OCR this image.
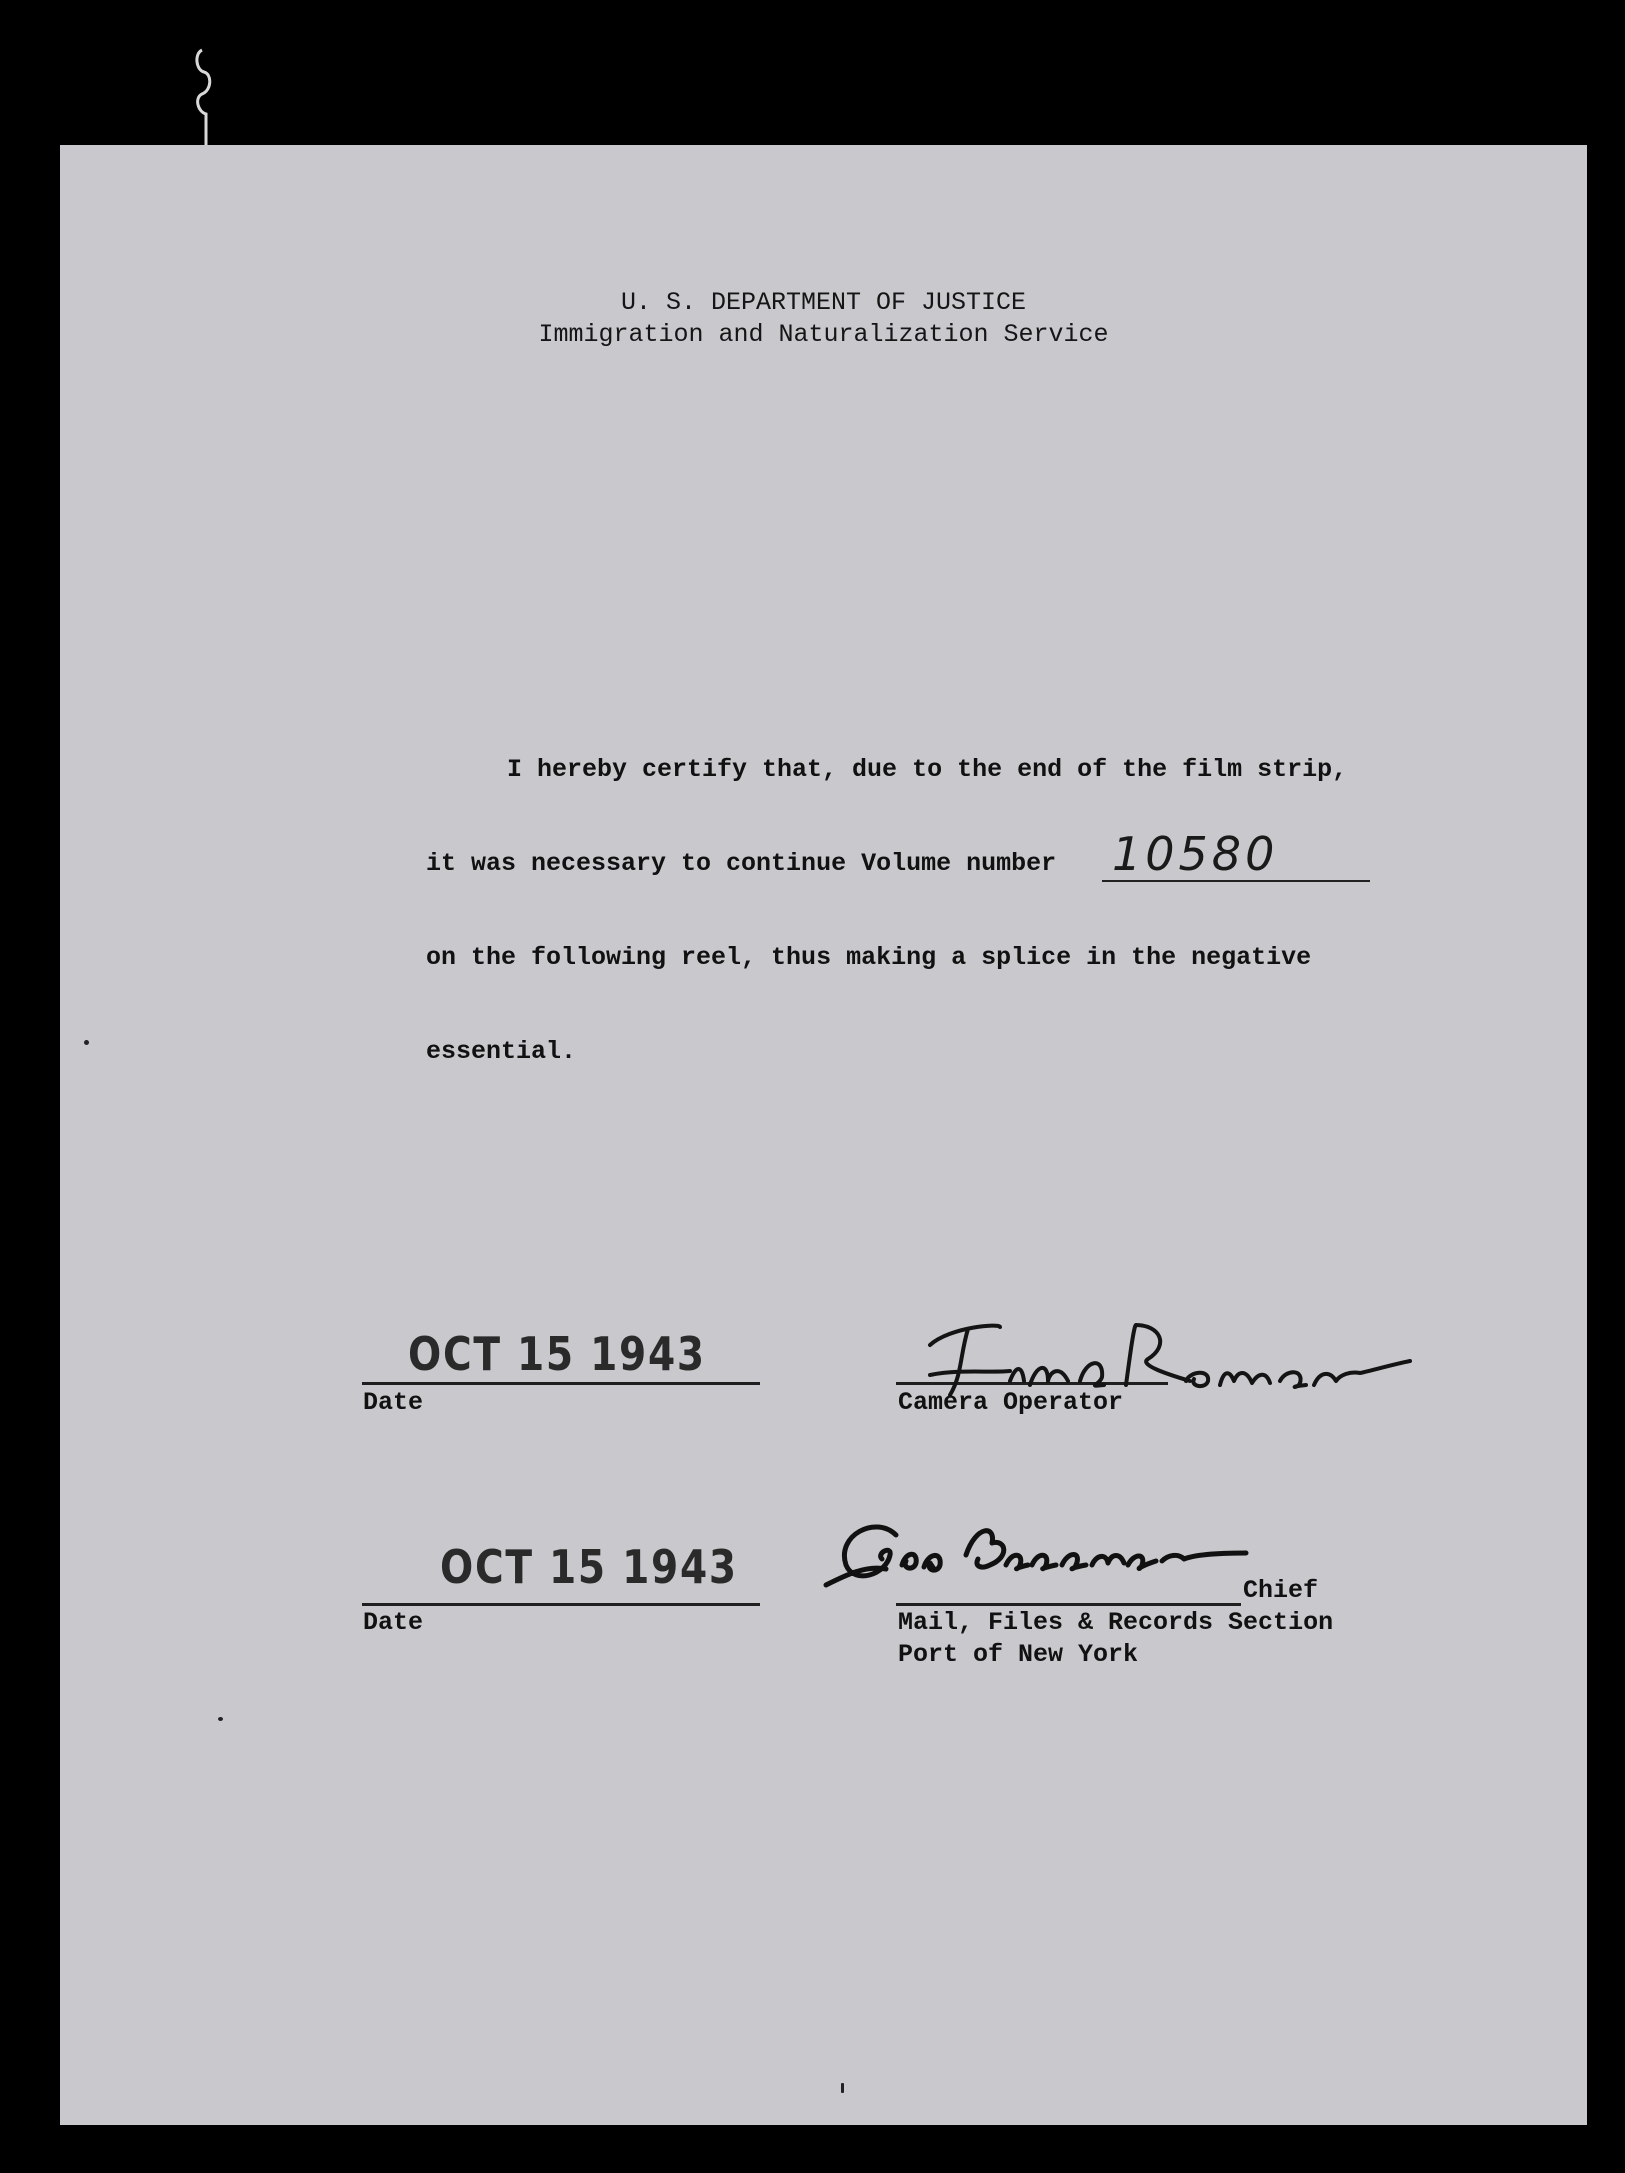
U. S. DEPARTMENT OF JUSTICE
Immigration and Naturalization Service
I hereby certify that, due to the end of the film strip,
it was necessary to continue Volume number 10580
on the following reel, thus making a splice in the negative
essential.
OCT 15 1943
Date	Camera Operator
OCT 15 1943
Date
Chief
Mail, Files & Records Section
Port of New York
